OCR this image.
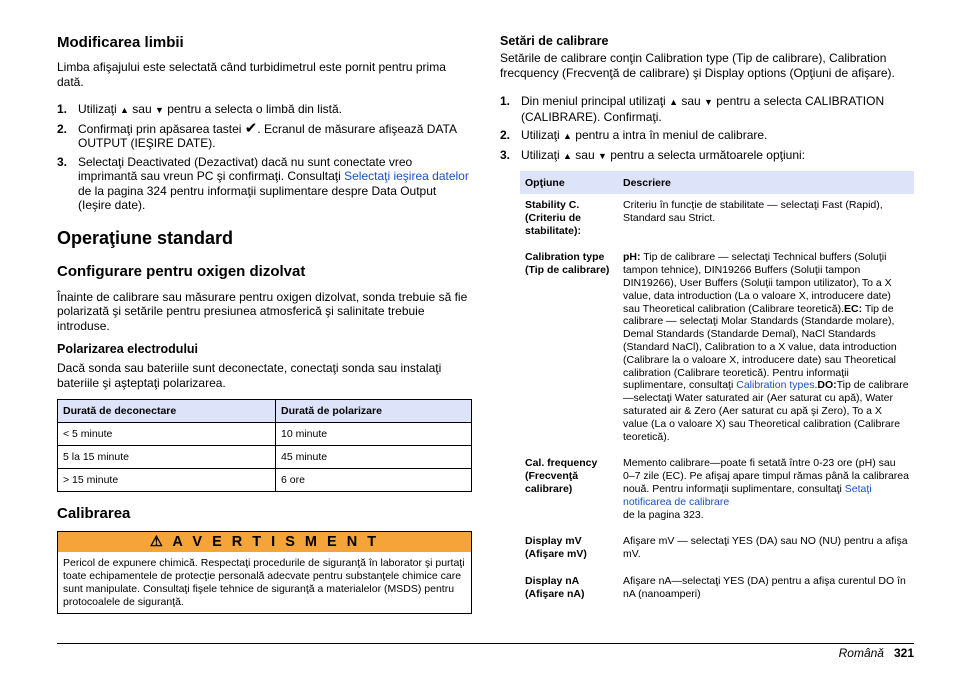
Modificarea limbii

Limba afişajului este selectată când turbidimetrul este pornit pentru prima dată.

1. Utilizaţi ▲ sau ▼ pentru a selecta o limbă din listă.
2. Confirmaţi prin apăsarea tastei ✔. Ecranul de măsurare afişează DATA OUTPUT (IEŞIRE DATE).
3. Selectaţi Deactivated (Dezactivat) dacă nu sunt conectate vreo imprimantă sau vreun PC şi confirmaţi. Consultaţi Selectaţi ieşirea datelor de la pagina 324 pentru informaţii suplimentare despre Data Output (Ieşire date).
Operaţiune standard
Configurare pentru oxigen dizolvat

Înainte de calibrare sau măsurare pentru oxigen dizolvat, sonda trebuie să fie polarizată şi setările pentru presiunea atmosferică şi salinitate trebuie introduse.

Polarizarea electrodului

Dacă sonda sau bateriile sunt deconectate, conectaţi sonda sau instalaţi bateriile şi aşteptaţi polarizarea.

Durată de deconectare	Durată de polarizare
< 5 minute	10 minute
5 la 15 minute	45 minute
> 15 minute	6 ore
Calibrarea
⚠ A V E R T I S M E N T
Pericol de expunere chimică. Respectaţi procedurile de siguranţă în laborator şi purtaţi toate echipamentele de protecţie personală adecvate pentru substanţele chimice care sunt manipulate. Consultaţi fişele tehnice de siguranţă a materialelor (MSDS) pentru protocoalele de siguranţă.
Setări de calibrare

Setările de calibrare conţin Calibration type (Tip de calibrare), Calibration frecquency (Frecvenţă de calibrare) şi Display options (Opţiuni de afişare).

1. Din meniul principal utilizaţi ▲ sau ▼ pentru a selecta CALIBRATION (CALIBRARE). Confirmaţi.
2. Utilizaţi ▲ pentru a intra în meniul de calibrare.
3. Utilizaţi ▲ sau ▼ pentru a selecta următoarele opţiuni:
Opţiune	Descriere
Stability C. (Criteriu de stabilitate):	Criteriu în funcţie de stabilitate — selectaţi Fast (Rapid), Standard sau Strict.
Calibration type (Tip de calibrare)	pH: Tip de calibrare — selectaţi Technical buffers (Soluţii tampon tehnice), DIN19266 Buffers (Soluţii tampon DIN19266), User Buffers (Soluţii tampon utilizator), To a X value, data introduction (La o valoare X, introducere date) sau Theoretical calibration (Calibrare teoretică).EC: Tip de calibrare — selectaţi Molar Standards (Standarde molare), Demal Standards (Standarde Demal), NaCl Standards (Standard NaCl), Calibration to a X value, data introduction (Calibrare la o valoare X, introducere date) sau Theoretical calibration (Calibrare teoretică). Pentru informaţii suplimentare, consultaţi Calibration types.DO:Tip de calibrare—selectaţi Water saturated air (Aer saturat cu apă), Water saturated air & Zero (Aer saturat cu apă şi Zero), To a X value (La o valoare X) sau Theoretical calibration (Calibrare teoretică).
Cal. frequency (Frecvenţă calibrare)	Memento calibrare—poate fi setată între 0-23 ore (pH) sau 0–7 zile (EC). Pe afişaj apare timpul rămas până la calibrarea nouă. Pentru informaţii suplimentare, consultaţi Setaţi notificarea de calibrare
de la pagina 323.
Display mV (Afişare mV)	Afişare mV — selectaţi YES (DA) sau NO (NU) pentru a afişa mV.
Display nA (Afişare nA)	Afişare nA—selectaţi YES (DA) pentru a afişa curentul DO în nA (nanoamperi)
Română 321
